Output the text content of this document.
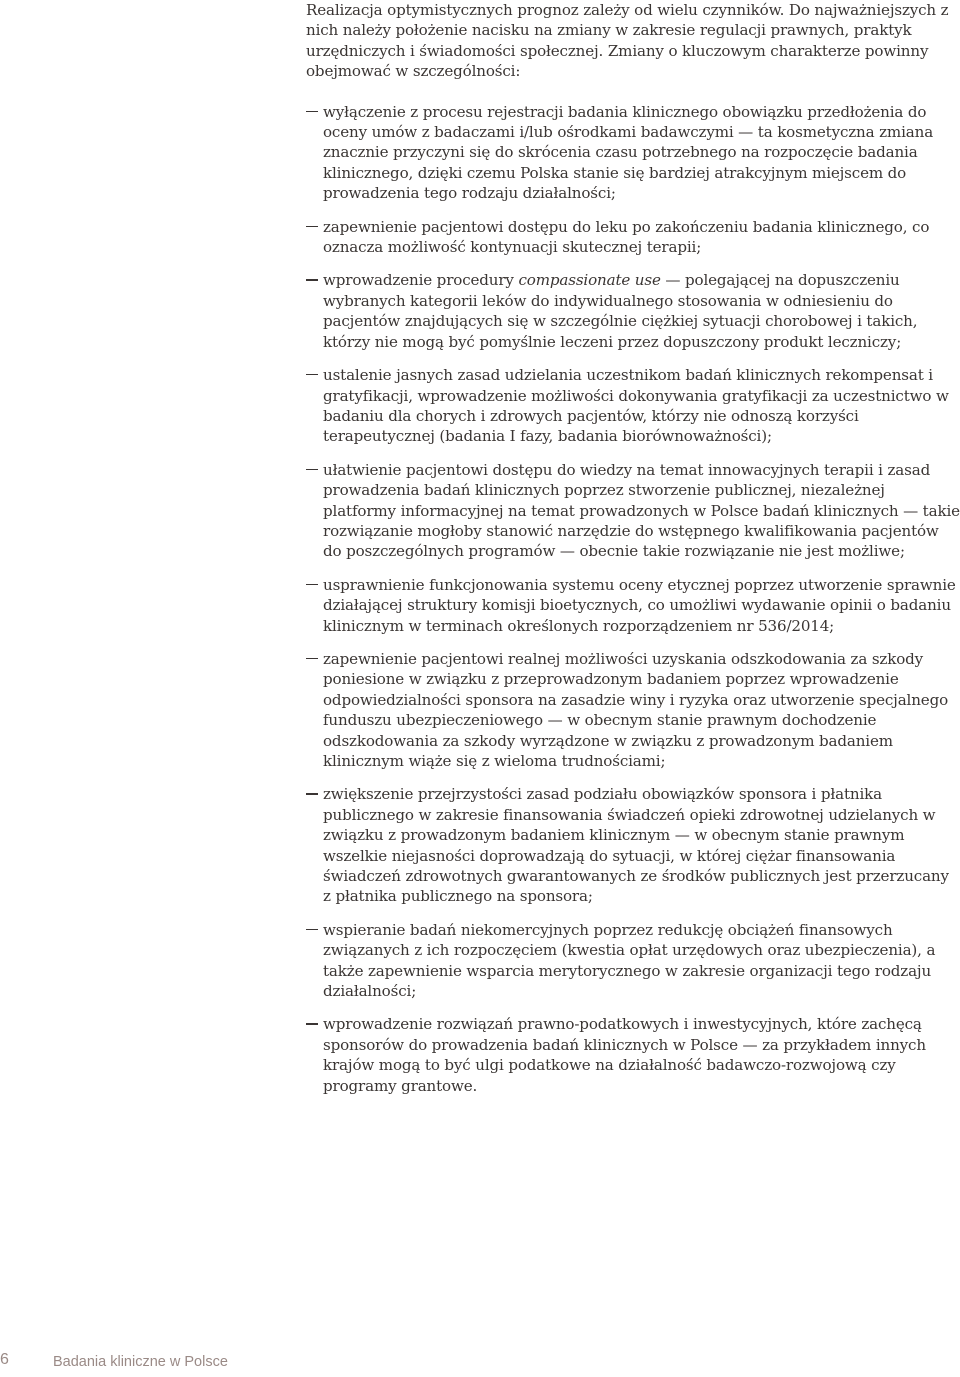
Realizacja optymistycznych prognoz zależy od wielu czynników. Do najważniejszych z nich należy położenie nacisku na zmiany w zakresie regulacji prawnych, praktyk urzędniczych i świadomości społecznej. Zmiany o kluczowym charakterze powinny obejmować w szczególności:

wyłączenie z procesu rejestracji badania klinicznego obowiązku przedłożenia do oceny umów z badaczami i/lub ośrodkami badawczymi — ta kosmetyczna zmiana znacznie przyczyni się do skrócenia czasu potrzebnego na rozpoczęcie badania klinicznego, dzięki czemu Polska stanie się bardziej atrakcyjnym miejscem do prowadzenia tego rodzaju działalności;
zapewnienie pacjentowi dostępu do leku po zakończeniu badania klinicznego, co oznacza możliwość kontynuacji skutecznej terapii;
wprowadzenie procedury compassionate use — polegającej na dopuszczeniu wybranych kategorii leków do indywidualnego stosowania w odniesieniu do pacjentów znajdujących się w szczególnie ciężkiej sytuacji chorobowej i takich, którzy nie mogą być pomyślnie leczeni przez dopuszczony produkt leczniczy;
ustalenie jasnych zasad udzielania uczestnikom badań klinicznych rekompensat i gratyfikacji, wprowadzenie możliwości dokonywania gratyfikacji za uczestnictwo w badaniu dla chorych i zdrowych pacjentów, którzy nie odnoszą korzyści terapeutycznej (badania I fazy, badania biorównoważności);
ułatwienie pacjentowi dostępu do wiedzy na temat innowacyjnych terapii i zasad prowadzenia badań klinicznych poprzez stworzenie publicznej, niezależnej platformy informacyjnej na temat prowadzonych w Polsce badań klinicznych — takie rozwiązanie mogłoby stanowić narzędzie do wstępnego kwalifikowania pacjentów do poszczególnych programów — obecnie takie rozwiązanie nie jest możliwe;
usprawnienie funkcjonowania systemu oceny etycznej poprzez utworzenie sprawnie działającej struktury komisji bioetycznych, co umożliwi wydawanie opinii o badaniu klinicznym w terminach określonych rozporządzeniem nr 536/2014;
zapewnienie pacjentowi realnej możliwości uzyskania odszkodowania za szkody poniesione w związku z przeprowadzonym badaniem poprzez wprowadzenie odpowiedzialności sponsora na zasadzie winy i ryzyka oraz utworzenie specjalnego funduszu ubezpieczeniowego — w obecnym stanie prawnym dochodzenie odszkodowania za szkody wyrządzone w związku z prowadzonym badaniem klinicznym wiąże się z wieloma trudnościami;
zwiększenie przejrzystości zasad podziału obowiązków sponsora i płatnika publicznego w zakresie finansowania świadczeń opieki zdrowotnej udzielanych w związku z prowadzonym badaniem klinicznym — w obecnym stanie prawnym wszelkie niejasności doprowadzają do sytuacji, w której ciężar finansowania świadczeń zdrowotnych gwarantowanych ze środków publicznych jest przerzucany z płatnika publicznego na sponsora;
wspieranie badań niekomercyjnych poprzez redukcję obciążeń finansowych związanych z ich rozpoczęciem (kwestia opłat urzędowych oraz ubezpieczenia), a także zapewnienie wsparcia merytorycznego w zakresie organizacji tego rodzaju działalności;
wprowadzenie rozwiązań prawno-podatkowych i inwestycyjnych, które zachęcą sponsorów do prowadzenia badań klinicznych w Polsce — za przykładem innych krajów mogą to być ulgi podatkowe na działalność badawczo-rozwojową czy programy grantowe.
6	Badania kliniczne w Polsce
